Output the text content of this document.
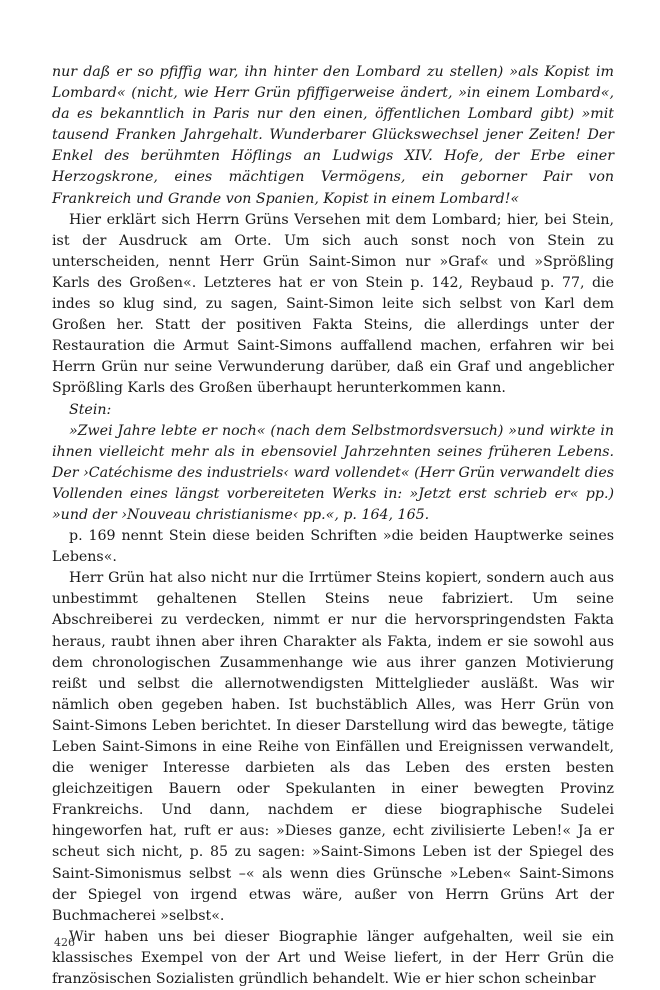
nur daß er so pfiffig war, ihn hinter den Lombard zu stellen) »als Kopist im Lombard« (nicht, wie Herr Grün pfiffigerweise ändert, »in einem Lombard«, da es bekanntlich in Paris nur den einen, öffentlichen Lombard gibt) »mit tausend Franken Jahrgehalt. Wunderbarer Glückswechsel jener Zeiten! Der Enkel des berühmten Höflings an Ludwigs XIV. Hofe, der Erbe einer Herzogskrone, eines mächtigen Vermögens, ein geborner Pair von Frankreich und Grande von Spanien, Kopist in einem Lombard!«

Hier erklärt sich Herrn Grüns Versehen mit dem Lombard; hier, bei Stein, ist der Ausdruck am Orte. Um sich auch sonst noch von Stein zu unterscheiden, nennt Herr Grün Saint-Simon nur »Graf« und »Sprößling Karls des Großen«. Letzteres hat er von Stein p. 142, Reybaud p. 77, die indes so klug sind, zu sagen, Saint-Simon leite sich selbst von Karl dem Großen her. Statt der positiven Fakta Steins, die allerdings unter der Restauration die Armut Saint-Simons auffallend machen, erfahren wir bei Herrn Grün nur seine Verwunderung darüber, daß ein Graf und angeblicher Sprößling Karls des Großen überhaupt herunterkommen kann.

Stein:

»Zwei Jahre lebte er noch« (nach dem Selbstmordsversuch) »und wirkte in ihnen vielleicht mehr als in ebensoviel Jahrzehnten seines früheren Lebens. Der ›Catéchisme des industriels‹ ward vollendet« (Herr Grün verwandelt dies Vollenden eines längst vorbereiteten Werks in: »Jetzt erst schrieb er« pp.) »und der ›Nouveau christianisme‹ pp.«, p. 164, 165.

p. 169 nennt Stein diese beiden Schriften »die beiden Hauptwerke seines Lebens«.

Herr Grün hat also nicht nur die Irrtümer Steins kopiert, sondern auch aus unbestimmt gehaltenen Stellen Steins neue fabriziert. Um seine Abschreiberei zu verdecken, nimmt er nur die hervorspringendsten Fakta heraus, raubt ihnen aber ihren Charakter als Fakta, indem er sie sowohl aus dem chronologischen Zusammenhange wie aus ihrer ganzen Motivierung reißt und selbst die allernotwendigsten Mittelglieder ausläßt. Was wir nämlich oben gegeben haben. Ist buchstäblich Alles, was Herr Grün von Saint-Simons Leben berichtet. In dieser Darstellung wird das bewegte, tätige Leben Saint-Simons in eine Reihe von Einfällen und Ereignissen verwandelt, die weniger Interesse darbieten als das Leben des ersten besten gleichzeitigen Bauern oder Spekulanten in einer bewegten Provinz Frankreichs. Und dann, nachdem er diese biographische Sudelei hingeworfen hat, ruft er aus: »Dieses ganze, echt zivilisierte Leben!« Ja er scheut sich nicht, p. 85 zu sagen: »Saint-Simons Leben ist der Spiegel des Saint-Simonismus selbst –« als wenn dies Grünsche »Leben« Saint-Simons der Spiegel von irgend etwas wäre, außer von Herrn Grüns Art der Buchmacherei »selbst«.

Wir haben uns bei dieser Biographie länger aufgehalten, weil sie ein klassisches Exempel von der Art und Weise liefert, in der Herr Grün die französischen Sozialisten gründlich behandelt. Wie er hier schon scheinbar

426
